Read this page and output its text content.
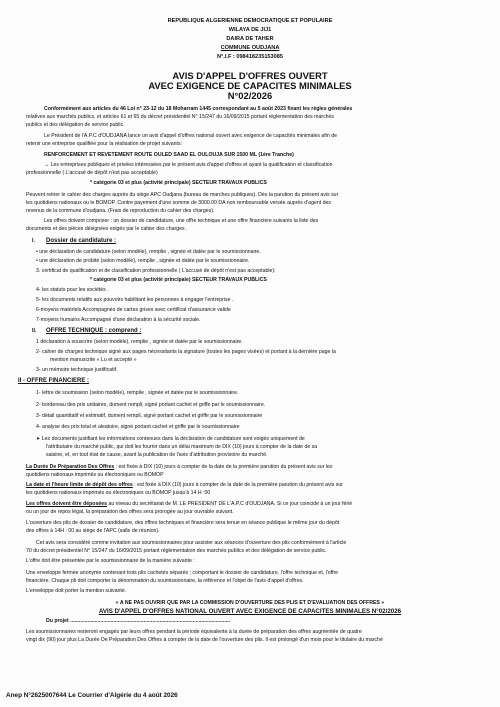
REPUBLIQUE ALGERIENNE DEMOCRATIQUE ET POPULAIRE
WILAYA DE JIJ1
DAIRA DE TAHER
COMMUNE OUDJANA
N°.I.F : 098418235153085
AVIS D'APPEL D'OFFRES OUVERT
AVEC EXIGENCE DE CAPACITES MINIMALES
N°02/2026
Conformément aux articles du 46 Loi n° 23-12 du 18 Moharram 1445 correspondant au 5 août 2023 fixant les règles générales
relatives aux marchés publics, et articles 61 et 65 du décret présidentiel N° 15/247 du 16/09/2015 portant réglementation des marchés
publics et des délégation de service public.
Le Président de l'A.P.C d'OUDJANA lance un avis d'appel d'offres national ouvert avec exigence de capacités minimales afin de
retenir une entreprise qualifiée pour la réalisation de projet suivants:
RENFORCEMENT ET REVETEMENT ROUTE OULED SAAD EL OULOUJA SUR 1500 ML (1ère Tranche)
→ Les entreprises publiques et privées intéressées par le présent avis d'appel d'offres et ayant la qualification et classification
professionnelle ( L'accusé de dépôt n'est pas acceptable)
* catégorie 03 et plus (activité principale) SECTEUR TRAVAUX PUBLICS
Peuvent retirer le cahier des charges auprès du siège APC Oudjana (bureau de marches publiques). Dès la parution du présent avis sur
les quotidiens nationaux ou le BOMOP. Contre payement d'une somme de 3000.00 DA non remboursable versée auprès d'agent des
revenus de la commune d'oudjana. (Frais de reproduction du cahier des charges).
Les offres doivent composer : un dossier de candidature, une offre technique et une offre financière suivants la liste des
documents et des pièces désignées exigés par le cahier des charges .
I. Dossier de candidature :
• une déclaration de candidature (selon modèle), remplie , signée et datée par le soumissionnaire.
• une déclaration de probité (selon modèle), remplie , signée et datée par le soumissionnaire.
3. certificat de qualification et de classification professionnelle ( L'accusé de dépôt n'est pas acceptable):
* catégorie 03 et plus (activité principale) SECTEUR TRAVAUX PUBLICS
4- les statuts pour les sociétés .
5- les documents relatifs aux pouvoirs habilitant les personnes à engager l'entreprise .
6-moyens matériels Accompagnés de cartes grises avec certificat d'assurance valide
7-moyens humains Accompagné d'une déclaration à la sécurité sociale.
II. OFFRE TECHNIQUE : comprend :
1 déclaration à souscrire (selon modèle), remplie , signée et datée par le soumissionnaire.
2- cahier de charges technique signé aux pages nécessitants la signature (toutes les pages visées) et portant à la dernière page la
mention manuscrite « Lu et accepté »
3- un mémoire technique justificatif.
II - OFFRE FINANCIERE :
1- lettre de soumission (selon modèle), remplie , signée et datée par le soumissionnaire.
2- bordereau des prix unitaires, dument rempli, signé portant cachet et griffe par le soumissionnaire.
3- détail quantitatif et estimatif, dument rempli, signé portant cachet et griffe par le soumissionnaire
4- analyse des prix total et aleatoire, signé portant cachet et griffe par le soumissionnaire
➤ Les documents justifiant les informations contenues dans la déclaration de candidature sont exigés uniquement de
l'attributaire du marché public, qui doit les fournir dans un délai maximum de DIX (10) jours à compter de la date de sa
saisine, et, en tout état de cause, avant la publication de l'avis d'attribution provisoire du marché.
La Durée De Préparation Des Offres : est fixée à DIX (10) jours à compter de la date de la première parution du présent avis sur les
quotidiens nationaux imprimés ou électroniques ou BOMOP
La date et l'heure limite de dépôt des offres : est fixée à DIX (10) jours à compter de la date de la première parution du présent avis sur
les quotidiens nationaux imprimés ou électroniques ou BOMOP jusqu'à 14 H :00
Les offres doivent être déposées au niveau du secrétariat de M. LE PRESIDENT DE L'A.P.C d'OUDJANA. Si ce jour coincide à un jour férié
ou un jour de repos légal, la préparation des offres sera prorogée au jour ouvrable suivant.
L'ouverture des plis de dossier de candidature, des offres techniques et financière sera tenue en séance publique le même jour du dépôt
des offres à 14H : 00 au siège de l'APC (salle de réunion).
Cet avis sera considéré comme invitation aux soumissionnaires pour assister aux séances d'ouverture des plis conformément à l'article
70 du décret présidentiel N° 15/247 du 16/09/2015 portant réglementation des marchés publics et des délégation de service public.
L'offre doit être présentée par le soumissionnaire de la manière suivante :
Une enveloppe fermée anonyme contenant trois plis cachetés séparés ; comportant le dossier de candidature, l'offre technique et, l'offre
financière. Chaque pli doit comporter la dénomination du soumissionnaire, la référence et l'objet de l'avis d'appel d'offres.
L'enveloppe doit porter la mention suivante.
« A NE PAS OUVRIR QUE PAR LA COMMISSION D'OUVERTURE DES PLIS ET D'EVALUATION DES OFFRES »
AVIS D'APPEL D'OFFRES NATIONAL OUVERT AVEC EXIGENCE DE CAPACITES MINIMALES N°02/2026
Du projet ...............................................................................................................
Les soumissionnaires resteront engagés par leurs offres pendant la période équivalente à la durée de préparation des offres augmentée de quatre
vingt dix (90) jour plus La Durée De Préparation Des Offres à compter de la date de l'ouverture des plis. Il est prolongé d'un mois pour le titulaire du marché
Anep N°2625007644 Le Courrier d'Algérie du 4 août 2026
